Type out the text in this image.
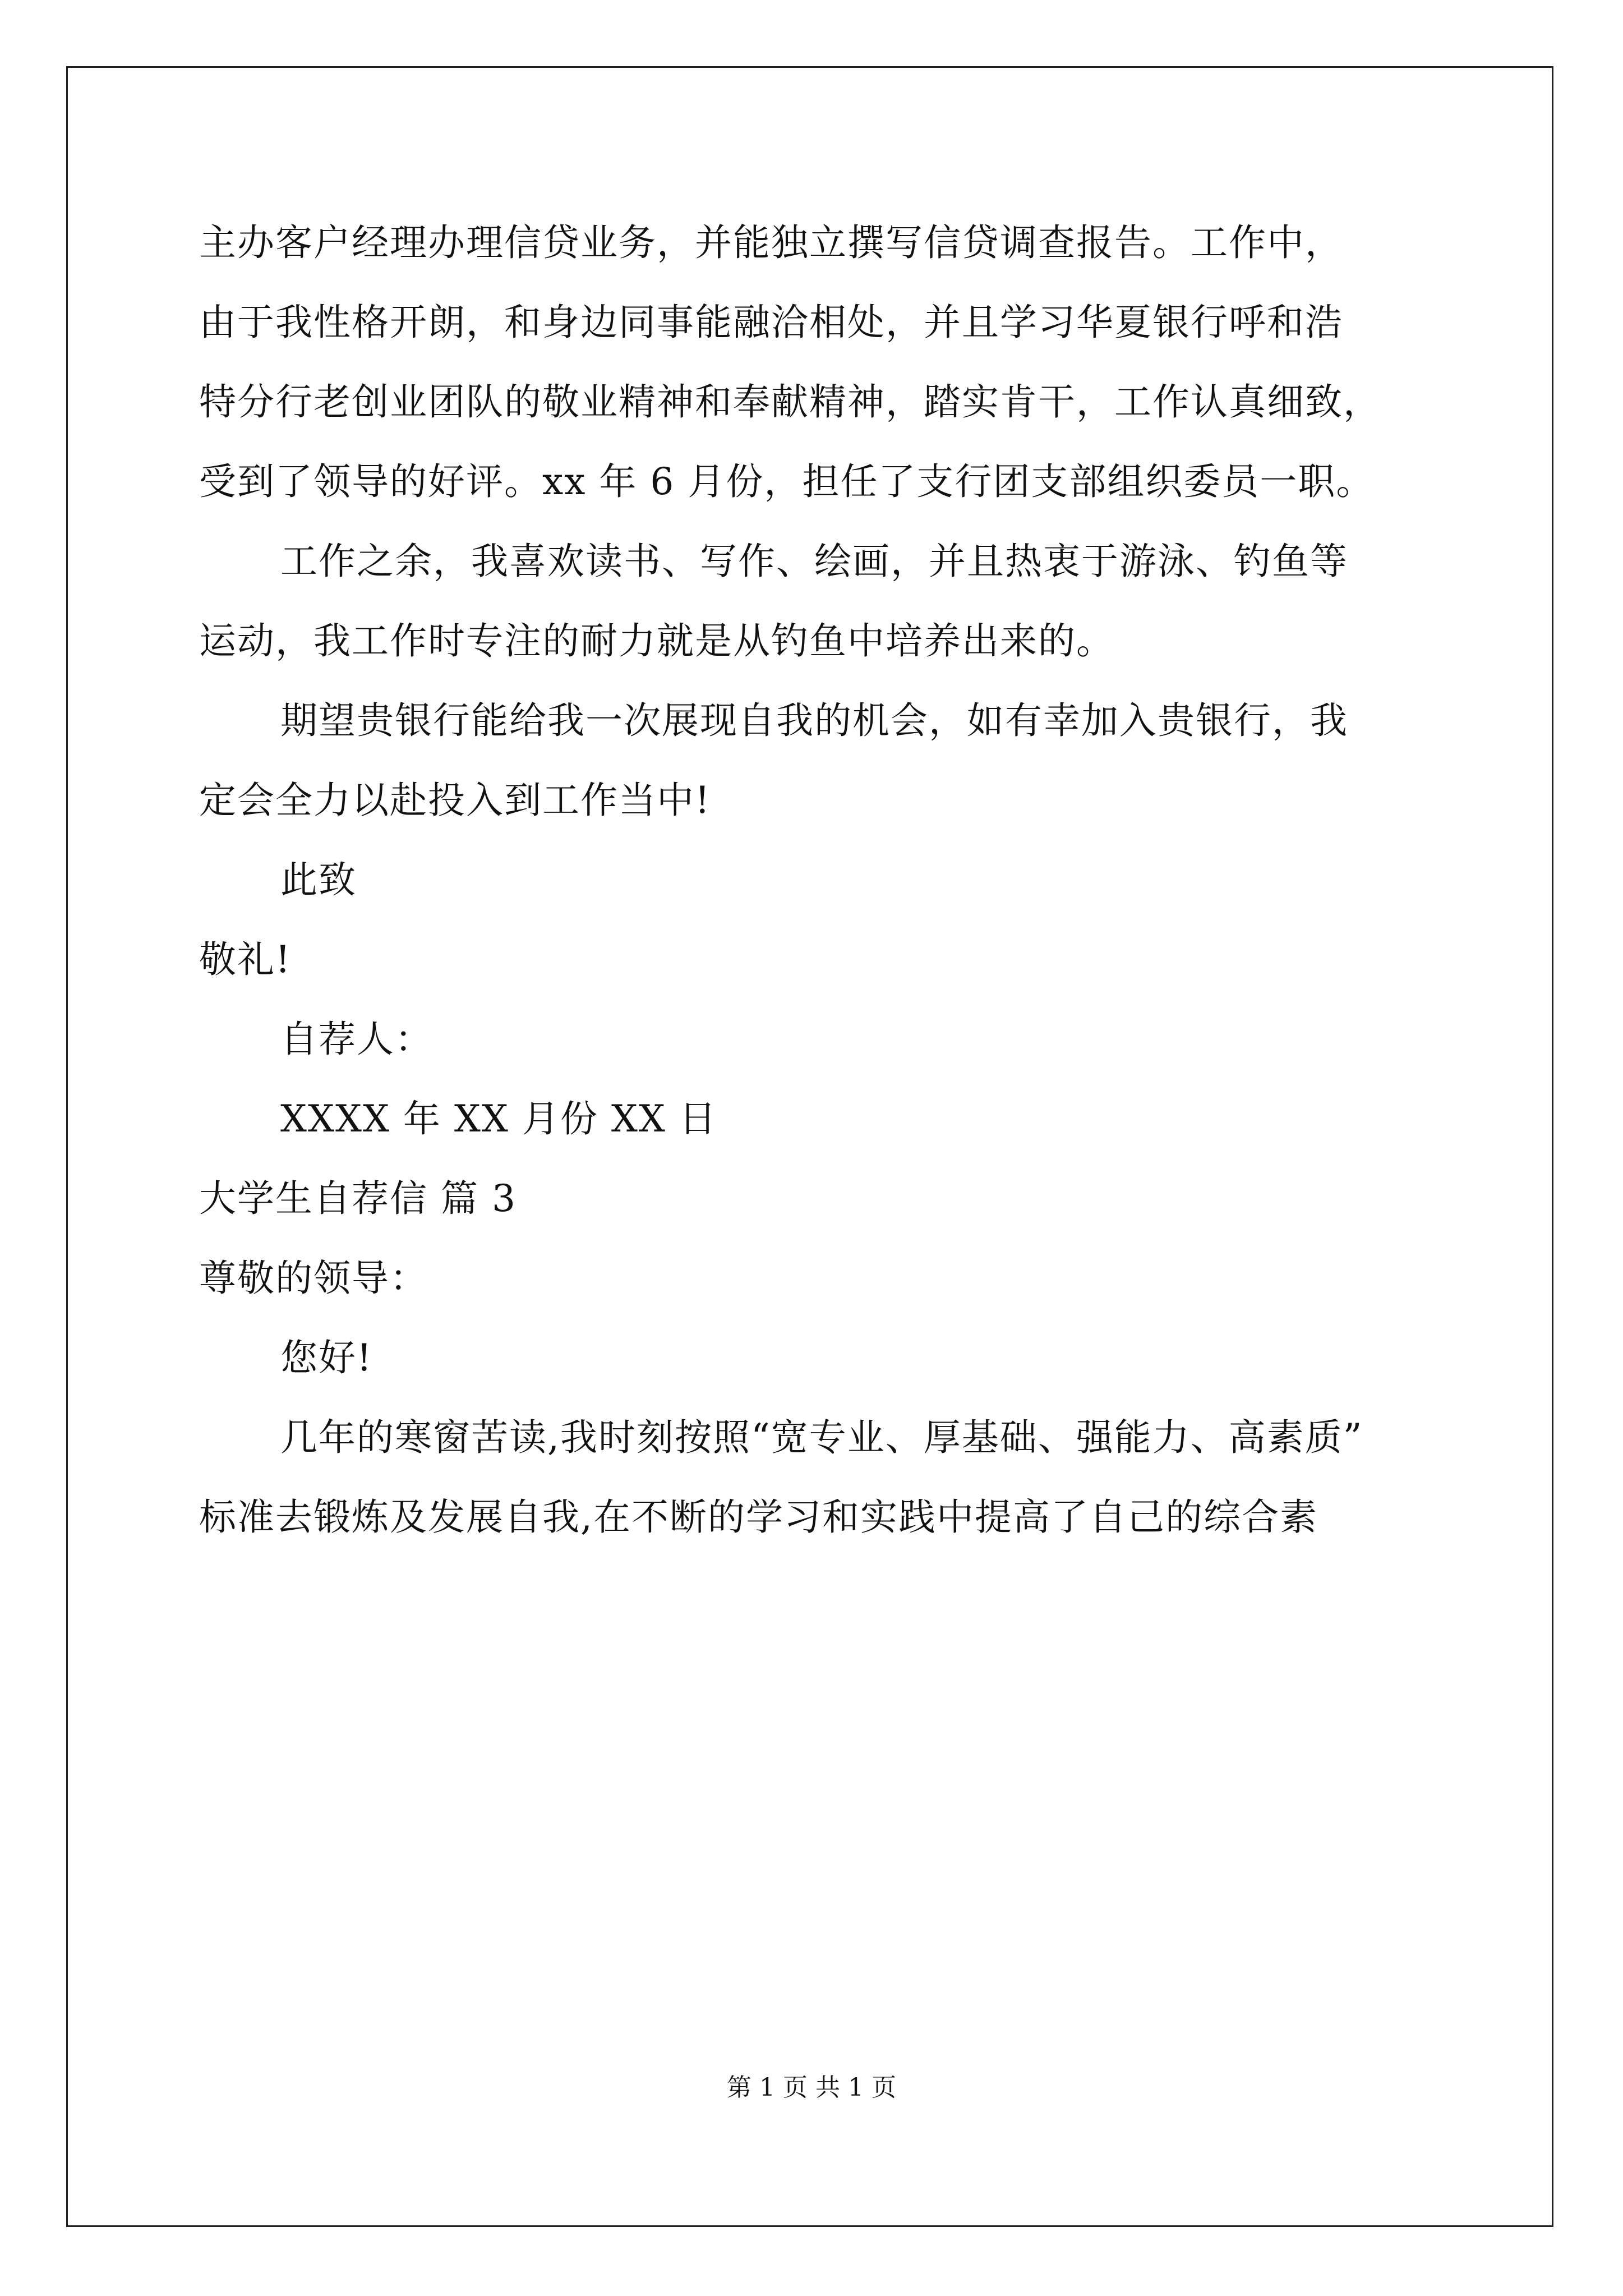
主办客户经理办理信贷业务，并能独立撰写信贷调查报告。工作中，
由于我性格开朗，和身边同事能融洽相处，并且学习华夏银行呼和浩
特分行老创业团队的敬业精神和奉献精神，踏实肯干，工作认真细致，
受到了领导的好评。xx 年 6 月份，担任了支行团支部组织委员一职。
工作之余，我喜欢读书、写作、绘画，并且热衷于游泳、钓鱼等
运动，我工作时专注的耐力就是从钓鱼中培养出来的。
期望贵银行能给我一次展现自我的机会，如有幸加入贵银行，我
定会全力以赴投入到工作当中!
此致
敬礼!
自荐人：
XXXX 年 XX 月份 XX 日
大学生自荐信 篇 3
尊敬的领导：
您好!
几年的寒窗苦读,我时刻按照“宽专业、厚基础、强能力、高素质”
标准去锻炼及发展自我,在不断的学习和实践中提高了自己的综合素
第 1 页 共 1 页
